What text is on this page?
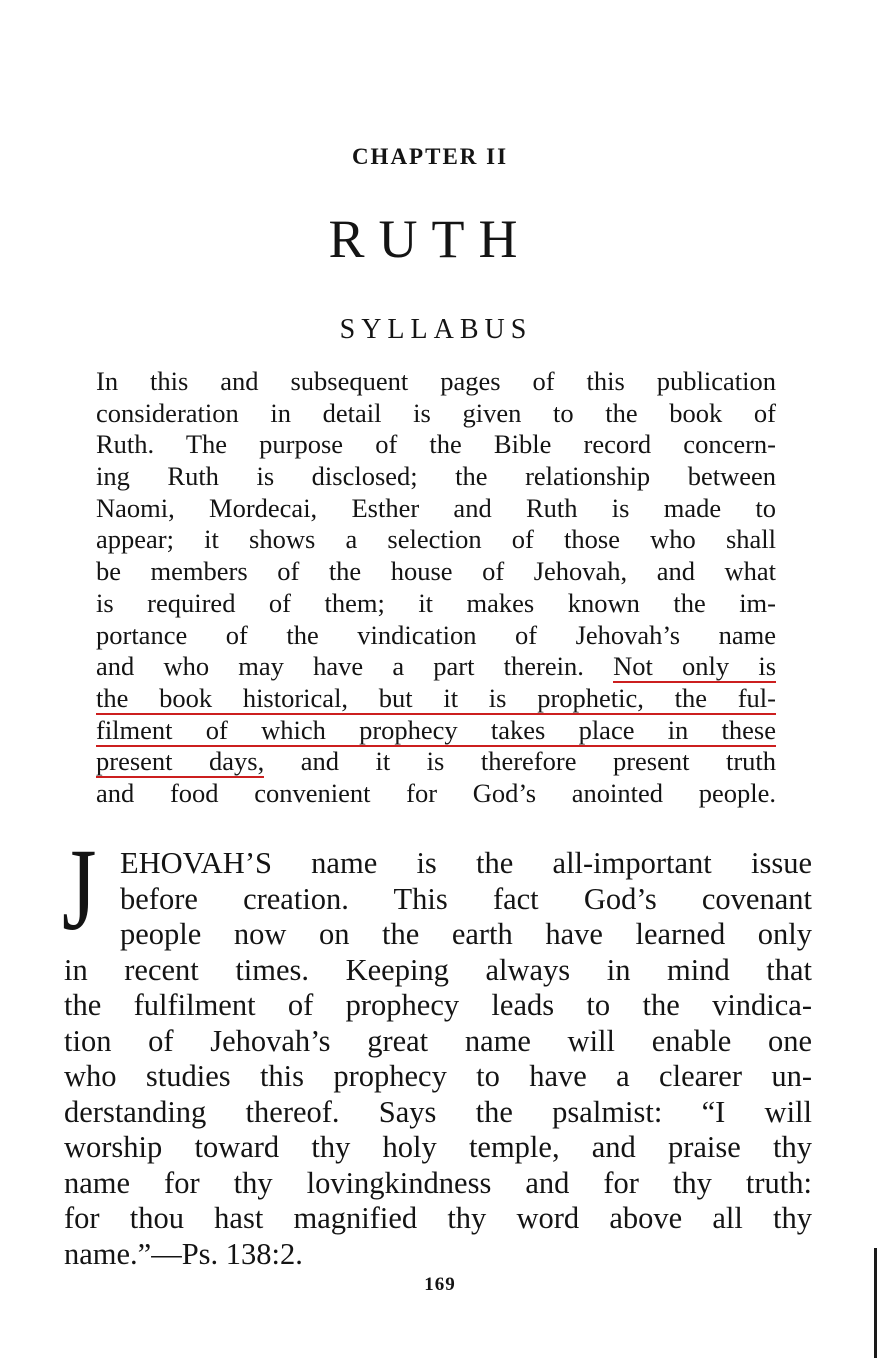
CHAPTER II
RUTH
SYLLABUS
In this and subsequent pages of this publication
consideration in detail is given to the book of
Ruth. The purpose of the Bible record concern-
ing Ruth is disclosed; the relationship between
Naomi, Mordecai, Esther and Ruth is made to
appear; it shows a selection of those who shall
be members of the house of Jehovah, and what
is required of them; it makes known the im-
portance of the vindication of Jehovah’s name
and who may have a part therein. Not only is
the book historical, but it is prophetic, the ful-
filment of which prophecy takes place in these
present days, and it is therefore present truth
and food convenient for God’s anointed people.
J EHOVAH’S name is the all-important issue
before creation. This fact God’s covenant
people now on the earth have learned only
in recent times. Keeping always in mind that
the fulfilment of prophecy leads to the vindica-
tion of Jehovah’s great name will enable one
who studies this prophecy to have a clearer un-
derstanding thereof. Says the psalmist: “I will
worship toward thy holy temple, and praise thy
name for thy lovingkindness and for thy truth:
for thou hast magnified thy word above all thy
name.”—Ps. 138:2.
169
